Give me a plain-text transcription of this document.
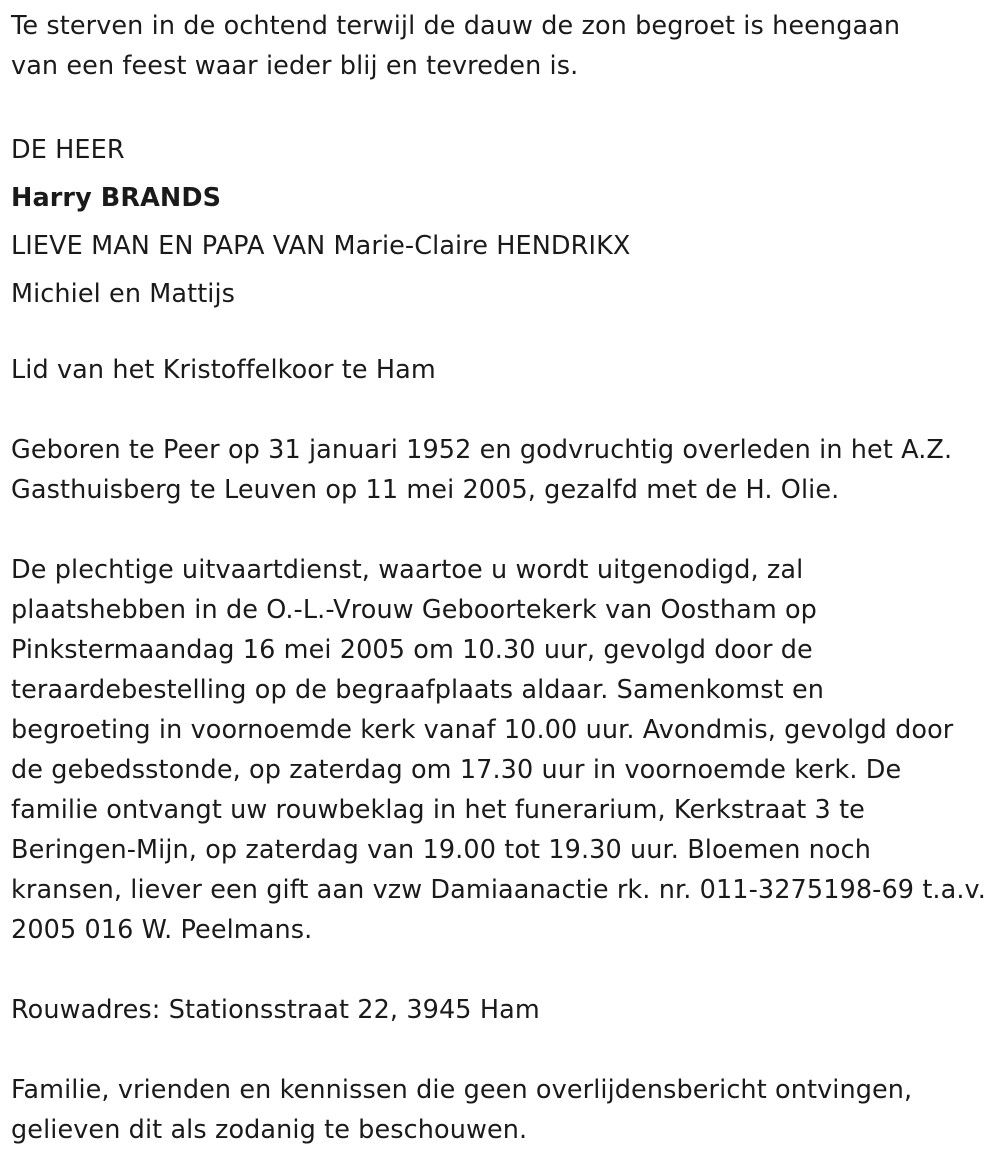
Te sterven in de ochtend terwijl de dauw de zon begroet is heengaan
van een feest waar ieder blij en tevreden is.
DE HEER
Harry BRANDS
LIEVE MAN EN PAPA VAN Marie-Claire HENDRIKX
Michiel en Mattijs
Lid van het Kristoffelkoor te Ham
Geboren te Peer op 31 januari 1952 en godvruchtig overleden in het A.Z.
Gasthuisberg te Leuven op 11 mei 2005, gezalfd met de H. Olie.
De plechtige uitvaartdienst, waartoe u wordt uitgenodigd, zal
plaatshebben in de O.-L.-Vrouw Geboortekerk van Oostham op
Pinkstermaandag 16 mei 2005 om 10.30 uur, gevolgd door de
teraardebestelling op de begraafplaats aldaar. Samenkomst en
begroeting in voornoemde kerk vanaf 10.00 uur. Avondmis, gevolgd door
de gebedsstonde, op zaterdag om 17.30 uur in voornoemde kerk. De
familie ontvangt uw rouwbeklag in het funerarium, Kerkstraat 3 te
Beringen-Mijn, op zaterdag van 19.00 tot 19.30 uur. Bloemen noch
kransen, liever een gift aan vzw Damiaanactie rk. nr. 011-3275198-69 t.a.v.
2005 016 W. Peelmans.
Rouwadres: Stationsstraat 22, 3945 Ham
Familie, vrienden en kennissen die geen overlijdensbericht ontvingen,
gelieven dit als zodanig te beschouwen.
